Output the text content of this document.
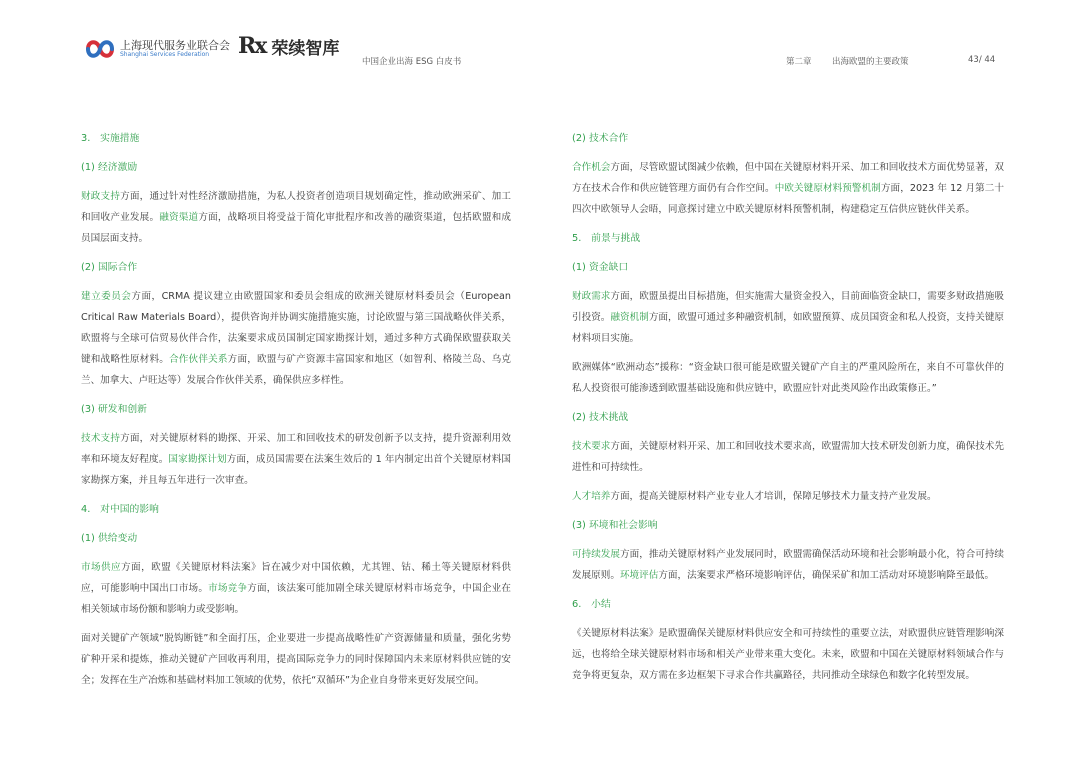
上海现代服务业联合会
Shanghai Services Federation	Rx 荣续智库
中国企业出海 ESG 白皮书	第二章 出海欧盟的主要政策	43/ 44

3.　实施措施

(1) 经济激励

财政支持方面，通过针对性经济激励措施，为私人投资者创造项目规划确定性，推动欧洲采矿、加工和回收产业发展。融资渠道方面，战略项目将受益于简化审批程序和改善的融资渠道，包括欧盟和成员国层面支持。

(2) 国际合作

建立委员会方面，CRMA 提议建立由欧盟国家和委员会组成的欧洲关键原材料委员会（European Critical Raw Materials Board），提供咨询并协调实施措施实施，讨论欧盟与第三国战略伙伴关系，欧盟将与全球可信贸易伙伴合作，法案要求成员国制定国家勘探计划，通过多种方式确保欧盟获取关键和战略性原材料。合作伙伴关系方面，欧盟与矿产资源丰富国家和地区（如智利、格陵兰岛、乌克兰、加拿大、卢旺达等）发展合作伙伴关系，确保供应多样性。

(3) 研发和创新

技术支持方面，对关键原材料的勘探、开采、加工和回收技术的研发创新予以支持，提升资源利用效率和环境友好程度。国家勘探计划方面，成员国需要在法案生效后的 1 年内制定出首个关键原材料国家勘探方案，并且每五年进行一次审查。

4.　对中国的影响

(1) 供给变动

市场供应方面，欧盟《关键原材料法案》旨在减少对中国依赖，尤其锂、钴、稀土等关键原材料供应，可能影响中国出口市场。市场竞争方面，该法案可能加剧全球关键原材料市场竞争，中国企业在相关领域市场份额和影响力或受影响。

面对关键矿产领域“脱钩断链”和全面打压，企业要进一步提高战略性矿产资源储量和质量，强化劣势矿种开采和提炼，推动关键矿产回收再利用，提高国际竞争力的同时保障国内未来原材料供应链的安全；发挥在生产冶炼和基础材料加工领域的优势，依托“双循环”为企业自身带来更好发展空间。

(2) 技术合作

合作机会方面，尽管欧盟试图减少依赖，但中国在关键原材料开采、加工和回收技术方面优势显著，双方在技术合作和供应链管理方面仍有合作空间。中欧关键原材料预警机制方面，2023 年 12 月第二十四次中欧领导人会晤，同意探讨建立中欧关键原材料预警机制，构建稳定互信供应链伙伴关系。

5.　前景与挑战

(1) 资金缺口

财政需求方面，欧盟虽提出目标措施，但实施需大量资金投入，目前面临资金缺口，需要多财政措施吸引投资。融资机制方面，欧盟可通过多种融资机制，如欧盟预算、成员国资金和私人投资，支持关键原材料项目实施。

欧洲媒体“欧洲动态”援称：“资金缺口很可能是欧盟关键矿产自主的严重风险所在，来自不可靠伙伴的私人投资很可能渗透到欧盟基础设施和供应链中，欧盟应针对此类风险作出政策修正。”

(2) 技术挑战

技术要求方面，关键原材料开采、加工和回收技术要求高，欧盟需加大技术研发创新力度，确保技术先进性和可持续性。

人才培养方面，提高关键原材料产业专业人才培训，保障足够技术力量支持产业发展。

(3) 环境和社会影响

可持续发展方面，推动关键原材料产业发展同时，欧盟需确保活动环境和社会影响最小化，符合可持续发展原则。环境评估方面，法案要求严格环境影响评估，确保采矿和加工活动对环境影响降至最低。

6.　小结

《关键原材料法案》是欧盟确保关键原材料供应安全和可持续性的重要立法，对欧盟供应链管理影响深远，也将给全球关键原材料市场和相关产业带来重大变化。未来，欧盟和中国在关键原材料领域合作与竞争将更复杂，双方需在多边框架下寻求合作共赢路径，共同推动全球绿色和数字化转型发展。
